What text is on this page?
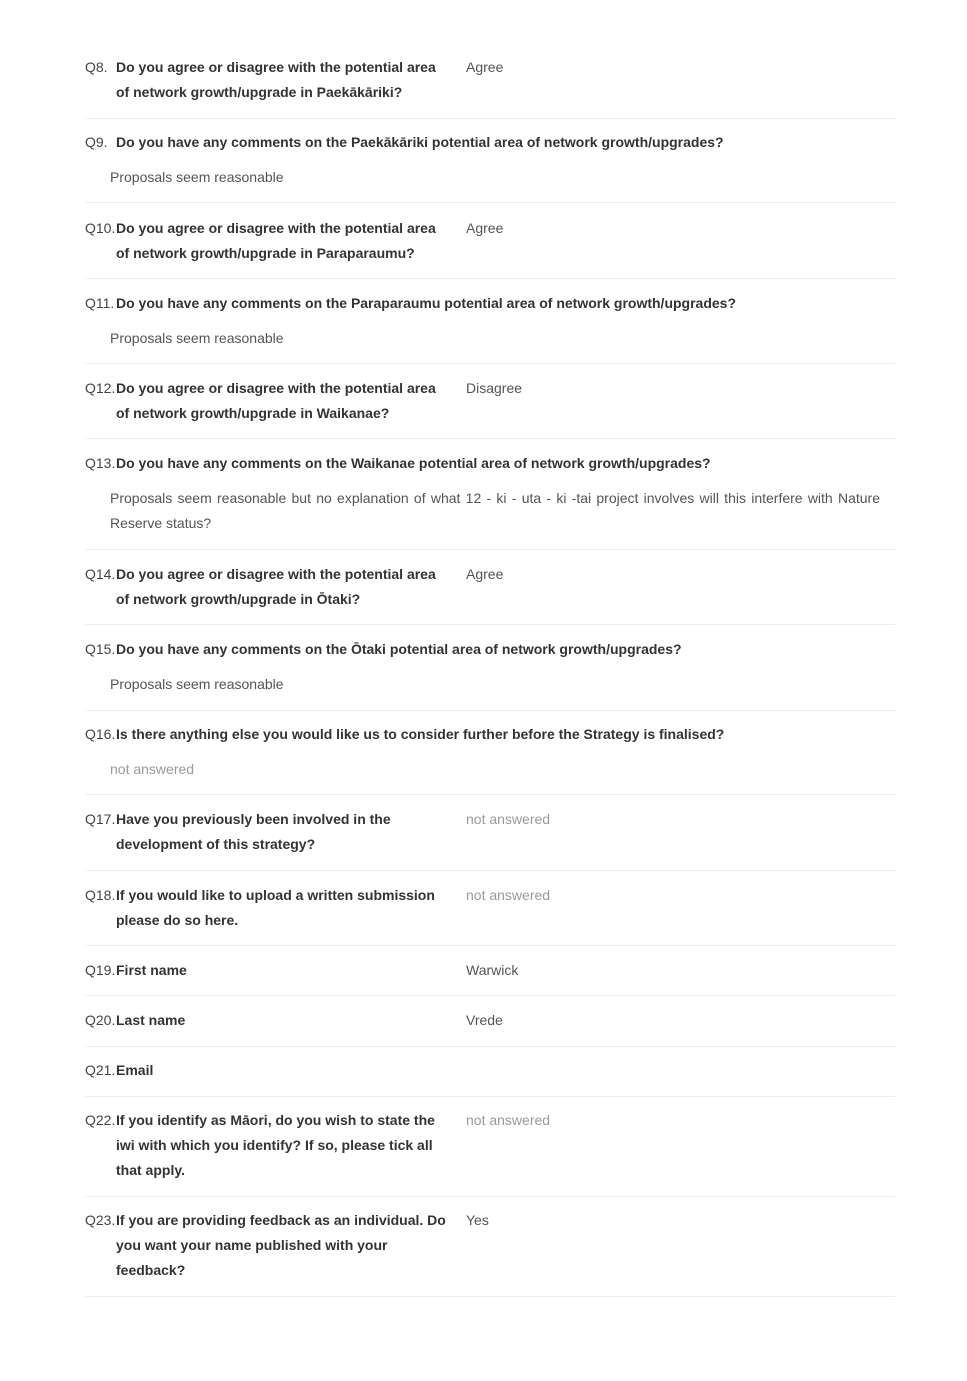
Q8. Do you agree or disagree with the potential area of network growth/upgrade in Paekākāriki?
Agree
Q9. Do you have any comments on the Paekākāriki potential area of network growth/upgrades?
Proposals seem reasonable
Q10. Do you agree or disagree with the potential area of network growth/upgrade in Paraparaumu?
Agree
Q11. Do you have any comments on the Paraparaumu potential area of network growth/upgrades?
Proposals seem reasonable
Q12. Do you agree or disagree with the potential area of network growth/upgrade in Waikanae?
Disagree
Q13. Do you have any comments on the Waikanae potential area of network growth/upgrades?
Proposals seem reasonable but no explanation of what 12 - ki - uta - ki -tai project involves will this interfere with Nature Reserve status?
Q14. Do you agree or disagree with the potential area of network growth/upgrade in Ōtaki?
Agree
Q15. Do you have any comments on the Ōtaki potential area of network growth/upgrades?
Proposals seem reasonable
Q16. Is there anything else you would like us to consider further before the Strategy is finalised?
not answered
Q17. Have you previously been involved in the development of this strategy?
not answered
Q18. If you would like to upload a written submission please do so here.
not answered
Q19. First name	Warwick
Q20. Last name	Vrede
Q21. Email
Q22. If you identify as Māori, do you wish to state the iwi with which you identify? If so, please tick all that apply.
not answered
Q23. If you are providing feedback as an individual. Do you want your name published with your feedback?
Yes
